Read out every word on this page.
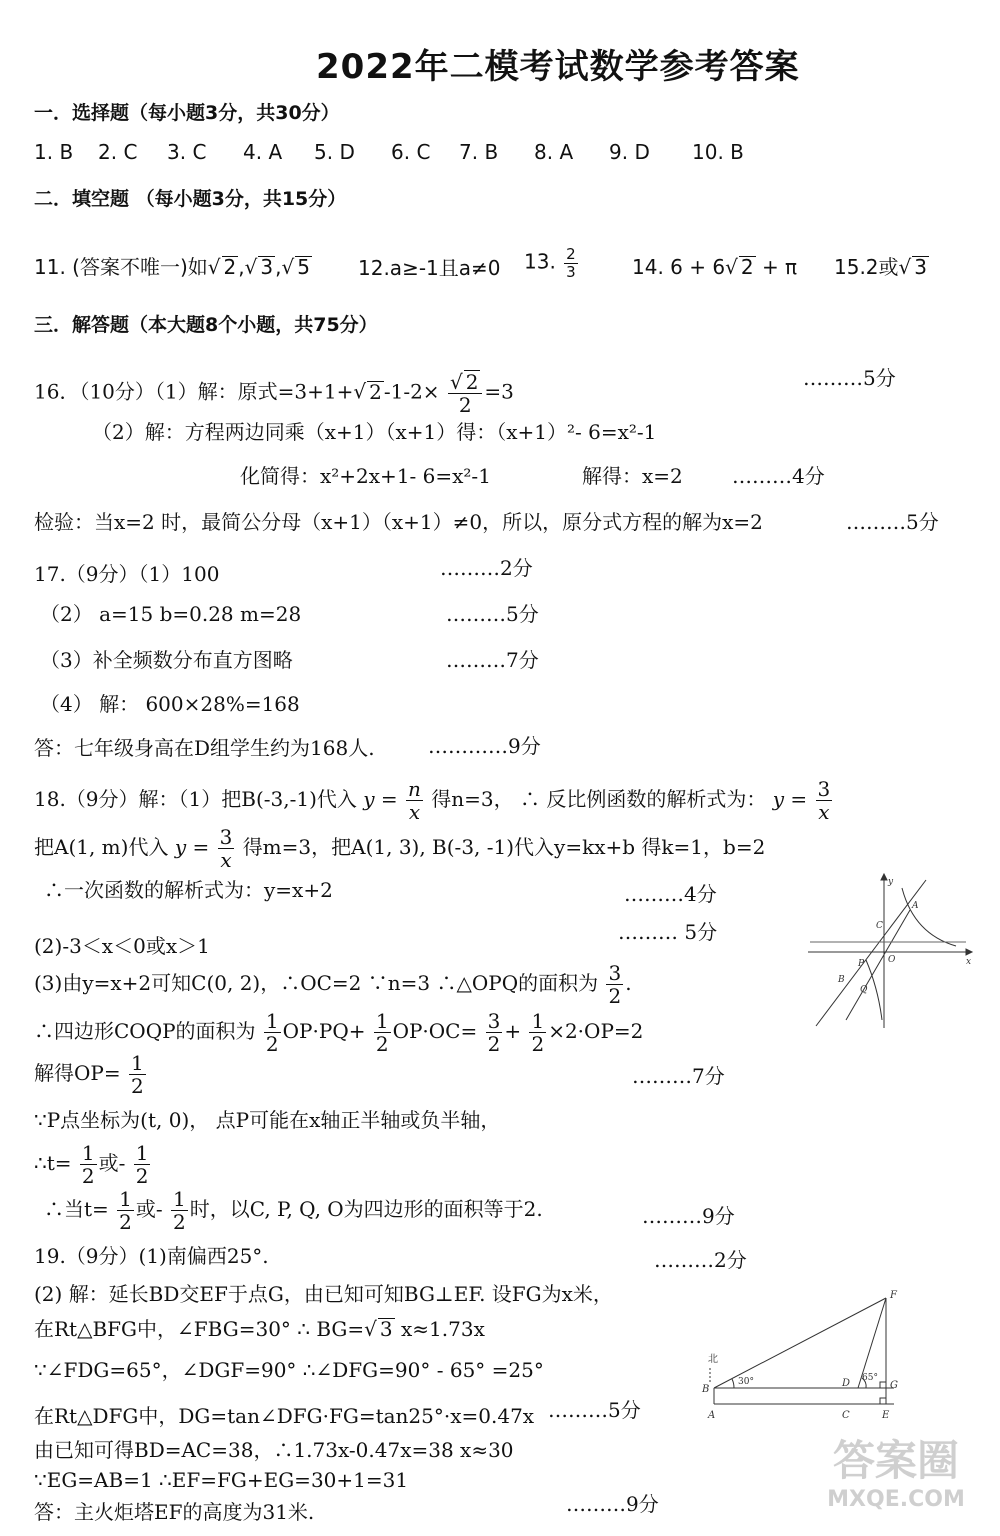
2022年二模考试数学参考答案
一．选择题（每小题3分，共30分）
1. B 2. C 3. C 4. A 5. D 6. C 7. B 8. A 9. D 10. B
二．填空题 （每小题3分，共15分）
11. (答案不唯一)如√ 2 ,√ 3 ,√ 5 12.a≥-1且a≠0 13. $\frac{2}{3}$	14. 6 + 6√ 2 + π 15.2或√ 3
三．解答题（本大题8个小题，共75分）
16．（10分）（1）解：原式=3+1+√ 2 $-1-2\times \frac{√ 2}{2} =3$
………5分
（2）解：方程两边同乘（x+1）（x+1）得：（x+1）²- 6=x²-1
化简得：x²+2x+1- 6=x²-1	解得：x=2 ………4分
检验：当x=2 时，最简公分母（x+1）（x+1）≠0，所以，原分式方程的解为x=2	………5分
17.（9分）（1）100	………2分
（2） a=15 b=0.28 m=28	………5分
（3）补全频数分布直方图略	………7分
（4） 解： 600×28%=168
答：七年级身高在D组学生约为168人.	…………9分
18.（9分）解：（1）把B(-3,-1)代入 $y = \frac{n}{x}$ 得n=3， ∴ 反比例函数的解析式为： $y = \frac{3}{x}$
把A(1, m)代入 $y = \frac{3}{x}$ 得m=3，把A(1, 3), B(-3, -1)代入y=kx+b 得k=1，b=2
∴一次函数的解析式为：y=x+2	………4分
(2)-3＜x＜0或x＞1
……… 5分
(3)由y=x+2可知C(0, 2)，∴OC=2 ∵n=3 ∴△OPQ的面积为 $\frac{3}{2}$ .
∴四边形COQP的面积为 $\frac{1}{2} OP\cdot PQ+ \frac{1}{2} OP\cdot OC= \frac{3}{2} + \frac{1}{2} \times 2\cdot OP=2$
解得$OP= \frac{1}{2}$	………7分
∵P点坐标为(t, 0)， 点P可能在x轴正半轴或负半轴，
∴t= $\frac{1}{2}$ 或- $\frac{1}{2}$
∴当$t= \frac{1}{2}$ 或- $\frac{1}{2}$ 时，以C, P, Q, O为四边形的面积等于2.	………9分
y
x
O
C
A
P
B
Q
19.（9分）(1)南偏西25°.	………2分
(2) 解：延长BD交EF于点G，由已知可知BG⊥EF. 设FG为x米，
在Rt△BFG中，∠FBG=30° ∴ BG=√ 3 x≈1.73x
∵∠FDG=65°，∠DGF=90° ∴∠DFG=90° - 65° =25°
在Rt△DFG中，DG=tan∠DFG·FG=tan25°·x=0.47x ………5分
由已知可得BD=AC=38，∴1.73x-0.47x=38 x≈30
∵EG=AB=1 ∴EF=FG+EG=30+1=31
答：主火炬塔EF的高度为31米.	………9分
北
F
B
D	G
A	C	E
30°	65°
答案圈
MXQE.COM
